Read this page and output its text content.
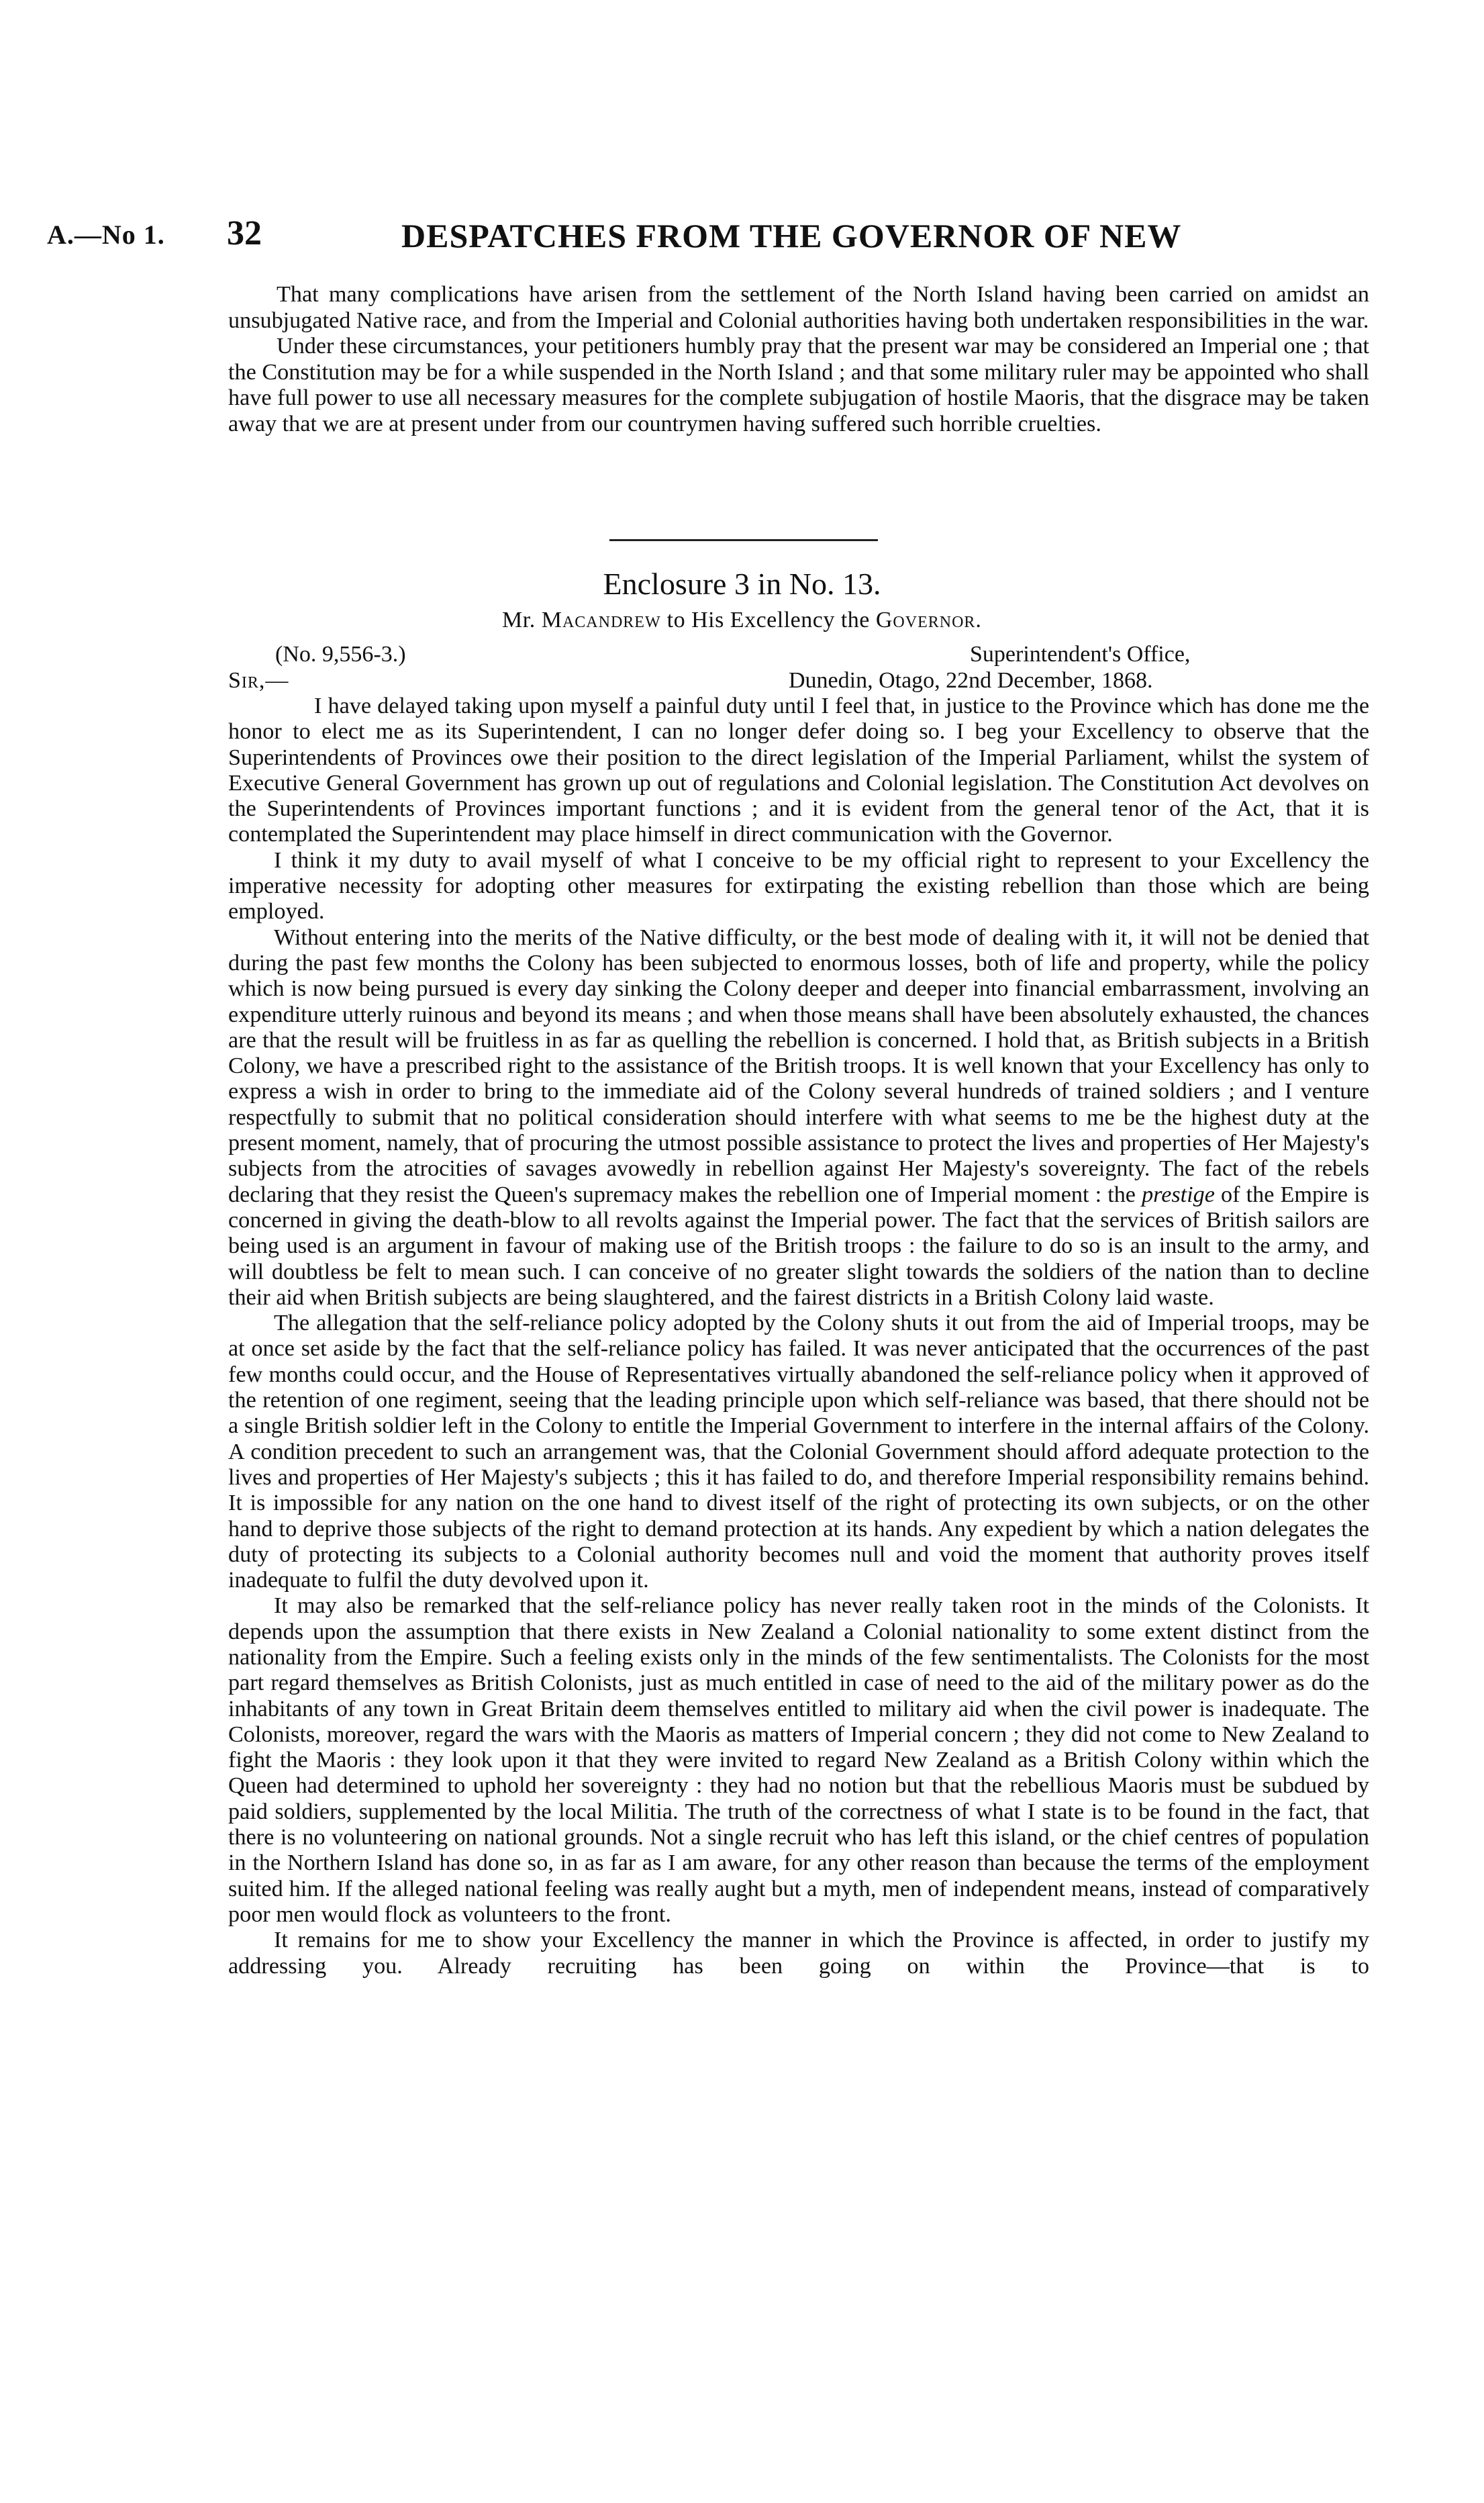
A.—No 1. 32	DESPATCHES FROM THE GOVERNOR OF NEW

That many complications have arisen from the settlement of the North Island having been carried on amidst an unsubjugated Native race, and from the Imperial and Colonial authorities having both undertaken responsibilities in the war.

Under these circumstances, your petitioners humbly pray that the present war may be considered an Imperial one ; that the Constitution may be for a while suspended in the North Island ; and that some military ruler may be appointed who shall have full power to use all necessary measures for the complete subjugation of hostile Maoris, that the disgrace may be taken away that we are at present under from our countrymen having suffered such horrible cruelties.

Enclosure 3 in No. 13.
Mr. Macandrew to His Excellency the Governor.
(No. 9,556-3.)	Superintendent's Office,
Sir,—	Dunedin, Otago, 22nd December, 1868.

I have delayed taking upon myself a painful duty until I feel that, in justice to the Province which has done me the honor to elect me as its Superintendent, I can no longer defer doing so. I beg your Excellency to observe that the Superintendents of Provinces owe their position to the direct legislation of the Imperial Parliament, whilst the system of Executive General Government has grown up out of regulations and Colonial legislation. The Constitution Act devolves on the Superintendents of Provinces important functions ; and it is evident from the general tenor of the Act, that it is contemplated the Superintendent may place himself in direct communication with the Governor.

I think it my duty to avail myself of what I conceive to be my official right to represent to your Excellency the imperative necessity for adopting other measures for extirpating the existing rebellion than those which are being employed.

Without entering into the merits of the Native difficulty, or the best mode of dealing with it, it will not be denied that during the past few months the Colony has been subjected to enormous losses, both of life and property, while the policy which is now being pursued is every day sinking the Colony deeper and deeper into financial embarrassment, involving an expenditure utterly ruinous and beyond its means ; and when those means shall have been absolutely exhausted, the chances are that the result will be fruitless in as far as quelling the rebellion is concerned. I hold that, as British subjects in a British Colony, we have a prescribed right to the assistance of the British troops. It is well known that your Excellency has only to express a wish in order to bring to the immediate aid of the Colony several hundreds of trained soldiers ; and I venture respectfully to submit that no political consideration should interfere with what seems to me be the highest duty at the present moment, namely, that of procuring the utmost possible assistance to protect the lives and properties of Her Majesty's subjects from the atrocities of savages avowedly in rebellion against Her Majesty's sovereignty. The fact of the rebels declaring that they resist the Queen's supremacy makes the rebellion one of Imperial moment : the prestige of the Empire is concerned in giving the death-blow to all revolts against the Imperial power. The fact that the services of British sailors are being used is an argument in favour of making use of the British troops : the failure to do so is an insult to the army, and will doubtless be felt to mean such. I can conceive of no greater slight towards the soldiers of the nation than to decline their aid when British subjects are being slaughtered, and the fairest districts in a British Colony laid waste.

The allegation that the self-reliance policy adopted by the Colony shuts it out from the aid of Imperial troops, may be at once set aside by the fact that the self-reliance policy has failed. It was never anticipated that the occurrences of the past few months could occur, and the House of Representatives virtually abandoned the self-reliance policy when it approved of the retention of one regiment, seeing that the leading principle upon which self-reliance was based, that there should not be a single British soldier left in the Colony to entitle the Imperial Government to interfere in the internal affairs of the Colony. A condition precedent to such an arrangement was, that the Colonial Government should afford adequate protection to the lives and properties of Her Majesty's subjects ; this it has failed to do, and therefore Imperial responsibility remains behind. It is impossible for any nation on the one hand to divest itself of the right of protecting its own subjects, or on the other hand to deprive those subjects of the right to demand protection at its hands. Any expedient by which a nation delegates the duty of protecting its subjects to a Colonial authority becomes null and void the moment that authority proves itself inadequate to fulfil the duty devolved upon it.

It may also be remarked that the self-reliance policy has never really taken root in the minds of the Colonists. It depends upon the assumption that there exists in New Zealand a Colonial nationality to some extent distinct from the nationality from the Empire. Such a feeling exists only in the minds of the few sentimentalists. The Colonists for the most part regard themselves as British Colonists, just as much entitled in case of need to the aid of the military power as do the inhabitants of any town in Great Britain deem themselves entitled to military aid when the civil power is inadequate. The Colonists, moreover, regard the wars with the Maoris as matters of Imperial concern ; they did not come to New Zealand to fight the Maoris : they look upon it that they were invited to regard New Zealand as a British Colony within which the Queen had determined to uphold her sovereignty : they had no notion but that the rebellious Maoris must be subdued by paid soldiers, supplemented by the local Militia. The truth of the correctness of what I state is to be found in the fact, that there is no volunteering on national grounds. Not a single recruit who has left this island, or the chief centres of population in the Northern Island has done so, in as far as I am aware, for any other reason than because the terms of the employment suited him. If the alleged national feeling was really aught but a myth, men of independent means, instead of comparatively poor men would flock as volunteers to the front.

It remains for me to show your Excellency the manner in which the Province is affected, in order to justify my addressing you. Already recruiting has been going on within the Province—that is to
